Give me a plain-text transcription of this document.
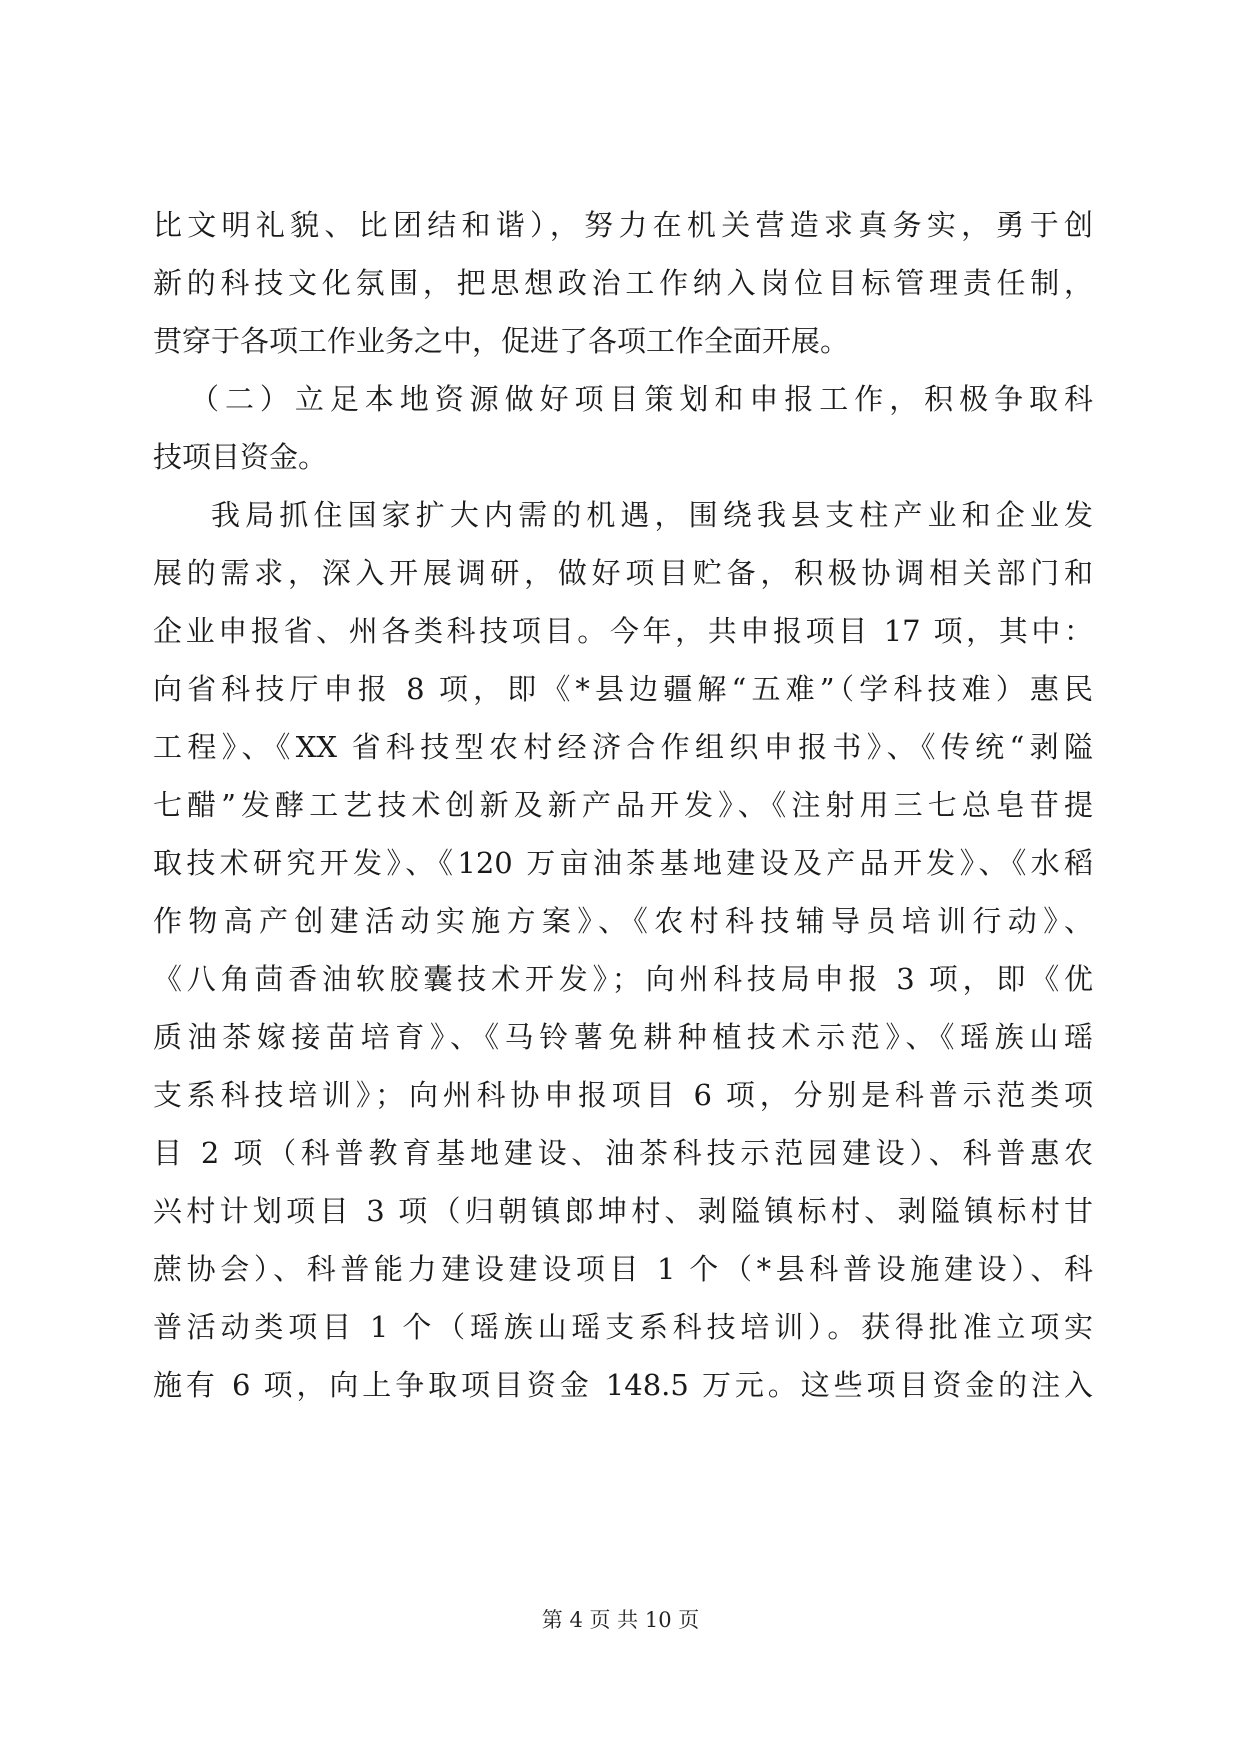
比文明礼貌、比团结和谐），努力在机关营造求真务实，勇于创
新的科技文化氛围，把思想政治工作纳入岗位目标管理责任制，
贯穿于各项工作业务之中，促进了各项工作全面开展。
（二）立足本地资源做好项目策划和申报工作，积极争取科
技项目资金。
我局抓住国家扩大内需的机遇，围绕我县支柱产业和企业发
展的需求，深入开展调研，做好项目贮备，积极协调相关部门和
企业申报省、州各类科技项目。今年，共申报项目 17 项，其中：
向省科技厅申报 8 项，即《*县边疆解“五难”（学科技难）惠民
工程》、《XX 省科技型农村经济合作组织申报书》、《传统“剥隘
七醋”发酵工艺技术创新及新产品开发》、《注射用三七总皂苷提
取技术研究开发》、《120 万亩油茶基地建设及产品开发》、《水稻
作物高产创建活动实施方案》、《农村科技辅导员培训行动》、
《八角茴香油软胶囊技术开发》；向州科技局申报 3 项，即《优
质油茶嫁接苗培育》、《马铃薯免耕种植技术示范》、《瑶族山瑶
支系科技培训》；向州科协申报项目 6 项，分别是科普示范类项
目 2 项（科普教育基地建设、油茶科技示范园建设）、科普惠农
兴村计划项目 3 项（归朝镇郎坤村、剥隘镇标村、剥隘镇标村甘
蔗协会）、科普能力建设建设项目 1 个（*县科普设施建设）、科
普活动类项目 1 个（瑶族山瑶支系科技培训）。获得批准立项实
施有 6 项，向上争取项目资金 148.5 万元。这些项目资金的注入
第 4 页 共 10 页
